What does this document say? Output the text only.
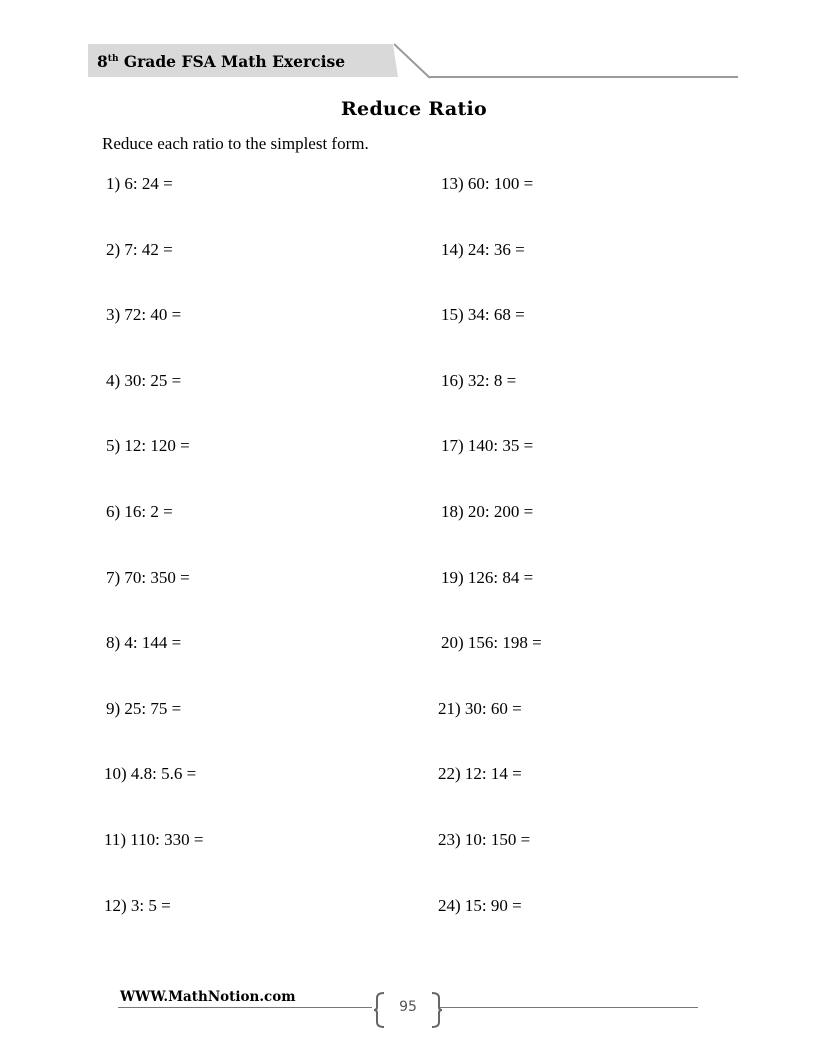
8th Grade FSA Math Exercise
Reduce Ratio
Reduce each ratio to the simplest form.
1) 6: 24 =
2) 7: 42 =
3) 72: 40 =
4) 30: 25 =
5) 12: 120 =
6) 16: 2 =
7) 70: 350 =
8) 4: 144 =
9) 25: 75 =
10) 4.8: 5.6 =
11) 110: 330 =
12) 3: 5 =
13) 60: 100 =
14) 24: 36 =
15) 34: 68 =
16) 32: 8 =
17) 140: 35 =
18) 20: 200 =
19) 126: 84 =
20) 156: 198 =
21) 30: 60 =
22) 12: 14 =
23) 10: 150 =
24) 15: 90 =
WWW.MathNotion.com
95
